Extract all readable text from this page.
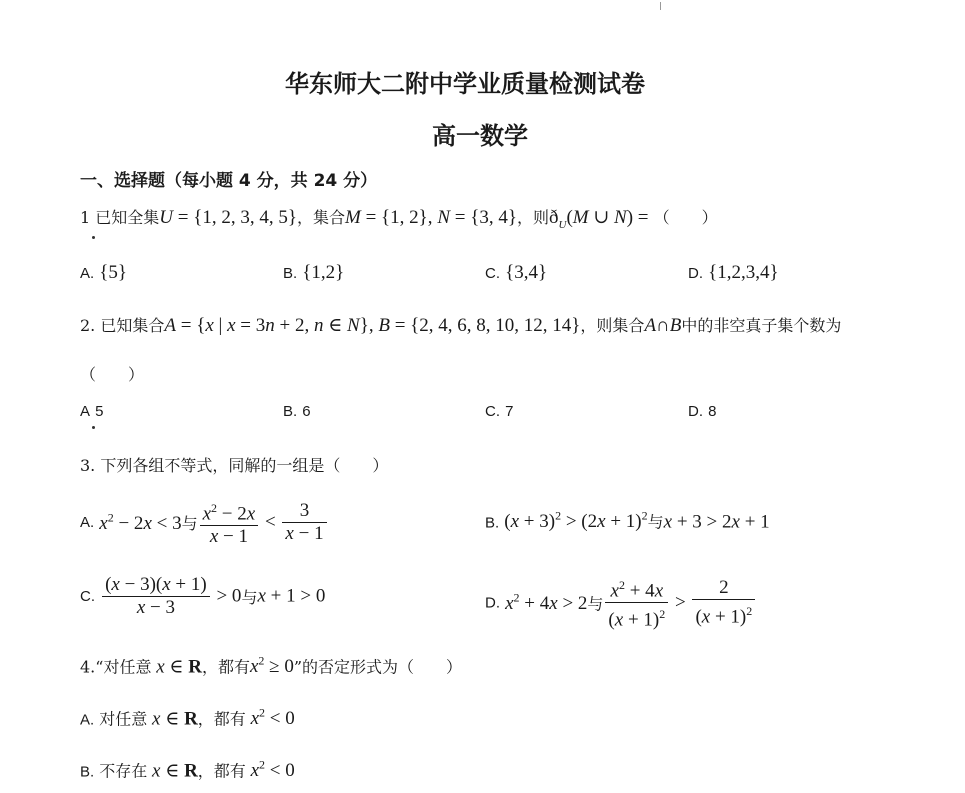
华东师大二附中学业质量检测试卷
高一数学
一、选择题（每小题 4 分，共 24 分）
1 已知全集U = {1, 2, 3, 4, 5}，集合M = {1, 2}, N = {3, 4}，则$ð_U(M$ ∪ N) = （　　）
A. {5}	B. {1,2}	C. {3,4}	D. {1,2,3,4}
2. 已知集合A = {x | x = 3n + 2, n ∈ N}, B = {2, 4, 6, 8, 10, 12, 14}，则集合A∩B中的非空真子集个数为
（　　）
A 5	B. 6	C. 7	D. 8
3. 下列各组不等式，同解的一组是（　　）
A. $x^2 - 2x < 3$与 $\frac{x^2 - 2x}{x - 1} < \frac{3}{x - 1}$	B. $(x + 3)^2 > (2x + 1)^2$与x + 3 > 2x + 1
C. $\frac{(x - 3)(x + 1)}{x - 3} > 0$与x + 1 > 0	D. $x^2 + 4x > 2$与 $\frac{x^2 + 4x}{(x + 1)^2} > \frac{2}{(x + 1)^2}$
4.“对任意 x ∈ R，都有$x^2 \ge 0$”的否定形式为（　　）
A. 对任意 x ∈ R，都有 $x^2 < 0$
B. 不存在 x ∈ R，都有 $x^2 < 0$
